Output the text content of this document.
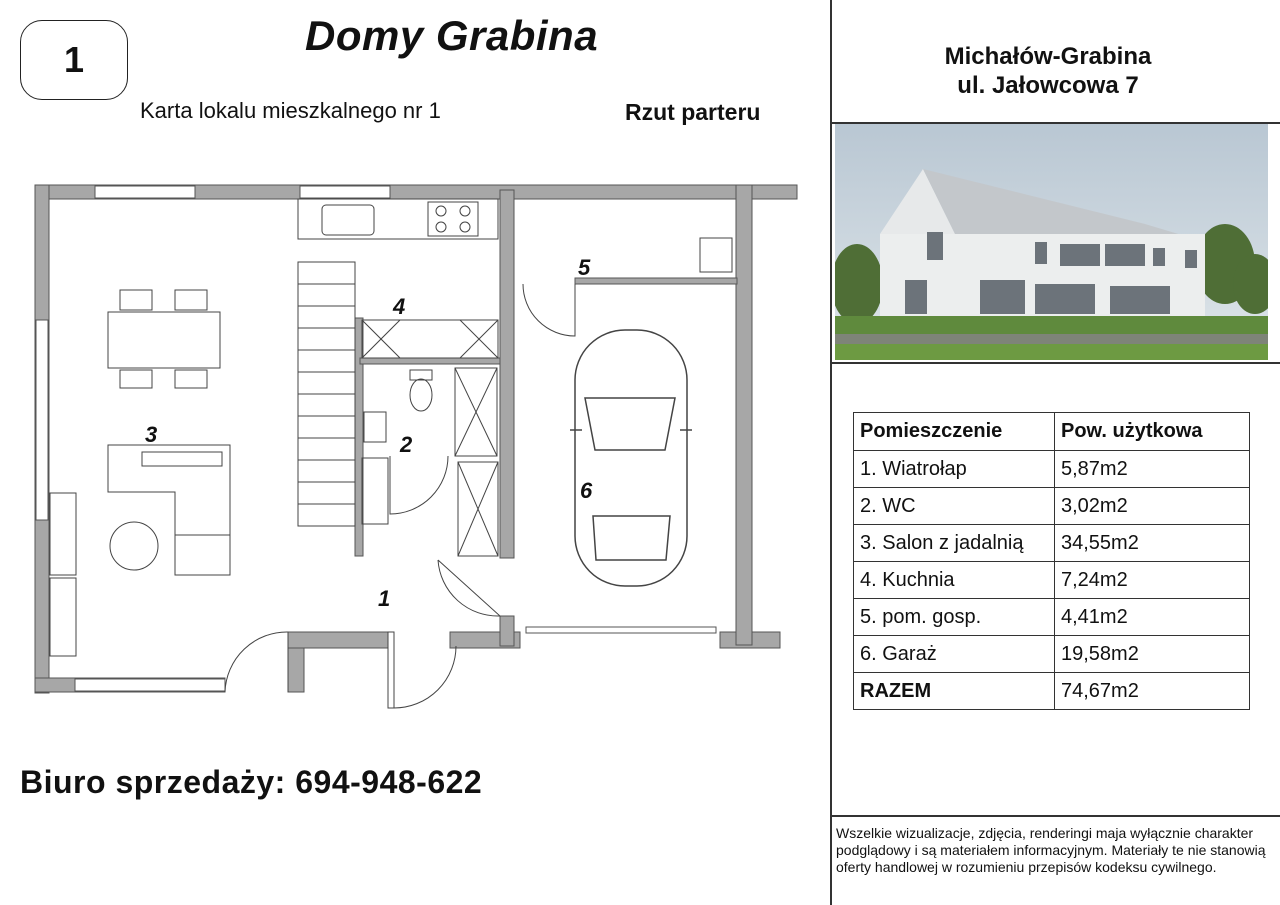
1
Domy Grabina
Karta lokalu mieszkalnego nr 1	Rzut parteru
1
2
3
4
5
6
Biuro sprzedaży: 694-948-622
Michałów-Grabina
ul. Jałowcowa 7
Pomieszczenie	Pow. użytkowa
1. Wiatrołap	5,87m2
2. WC	3,02m2
3. Salon z jadalnią	34,55m2
4. Kuchnia	7,24m2
5. pom. gosp.	4,41m2
6. Garaż	19,58m2
RAZEM	74,67m2
Wszelkie wizualizacje, zdjęcia, renderingi maja wyłącznie charakter podglądowy i są materiałem informacyjnym. Materiały te nie stanowią oferty handlowej w rozumieniu przepisów kodeksu cywilnego.
